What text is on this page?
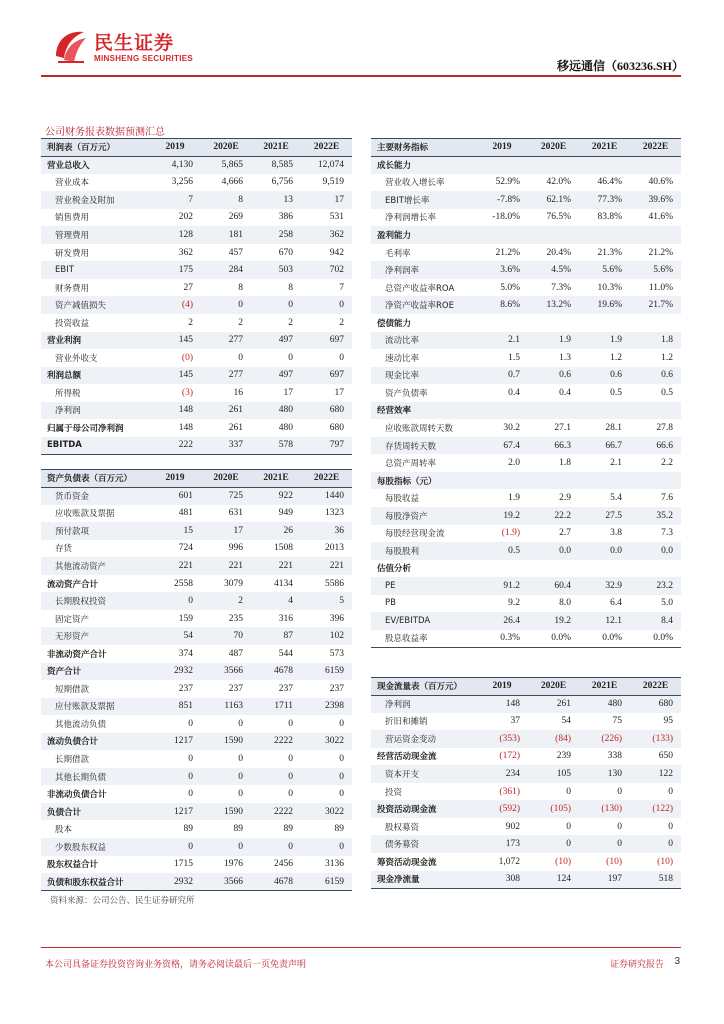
民生证券
MINSHENG SECURITIES
移远通信（603236.SH）
公司财务报表数据预测汇总
利润表（百万元）	2019	2020E	2021E	2022E
营业总收入	4,130	5,865	8,585	12,074
营业成本	3,256	4,666	6,756	9,519
营业税金及附加	7	8	13	17
销售费用	202	269	386	531
管理费用	128	181	258	362
研发费用	362	457	670	942
EBIT	175	284	503	702
财务费用	27	8	8	7
资产减值损失	(4)	0	0	0
投资收益	2	2	2	2
营业利润	145	277	497	697
营业外收支	(0)	0	0	0
利润总额	145	277	497	697
所得税	(3)	16	17	17
净利润	148	261	480	680
归属于母公司净利润	148	261	480	680
EBITDA	222	337	578	797
资产负债表（百万元）	2019	2020E	2021E	2022E
货币资金	601	725	922	1440
应收账款及票据	481	631	949	1323
预付款项	15	17	26	36
存货	724	996	1508	2013
其他流动资产	221	221	221	221
流动资产合计	2558	3079	4134	5586
长期股权投资	0	2	4	5
固定资产	159	235	316	396
无形资产	54	70	87	102
非流动资产合计	374	487	544	573
资产合计	2932	3566	4678	6159
短期借款	237	237	237	237
应付账款及票据	851	1163	1711	2398
其他流动负债	0	0	0	0
流动负债合计	1217	1590	2222	3022
长期借款	0	0	0	0
其他长期负债	0	0	0	0
非流动负债合计	0	0	0	0
负债合计	1217	1590	2222	3022
股本	89	89	89	89
少数股东权益	0	0	0	0
股东权益合计	1715	1976	2456	3136
负债和股东权益合计	2932	3566	4678	6159
主要财务指标	2019	2020E	2021E	2022E
成长能力				
营业收入增长率	52.9%	42.0%	46.4%	40.6%
EBIT增长率	-7.8%	62.1%	77.3%	39.6%
净利润增长率	-18.0%	76.5%	83.8%	41.6%
盈利能力				
毛利率	21.2%	20.4%	21.3%	21.2%
净利润率	3.6%	4.5%	5.6%	5.6%
总资产收益率ROA	5.0%	7.3%	10.3%	11.0%
净资产收益率ROE	8.6%	13.2%	19.6%	21.7%
偿债能力				
流动比率	2.1	1.9	1.9	1.8
速动比率	1.5	1.3	1.2	1.2
现金比率	0.7	0.6	0.6	0.6
资产负债率	0.4	0.4	0.5	0.5
经营效率				
应收账款周转天数	30.2	27.1	28.1	27.8
存货周转天数	67.4	66.3	66.7	66.6
总资产周转率	2.0	1.8	2.1	2.2
每股指标（元）				
每股收益	1.9	2.9	5.4	7.6
每股净资产	19.2	22.2	27.5	35.2
每股经营现金流	(1.9)	2.7	3.8	7.3
每股股利	0.5	0.0	0.0	0.0
估值分析				
PE	91.2	60.4	32.9	23.2
PB	9.2	8.0	6.4	5.0
EV/EBITDA	26.4	19.2	12.1	8.4
股息收益率	0.3%	0.0%	0.0%	0.0%
现金流量表（百万元）	2019	2020E	2021E	2022E
净利润	148	261	480	680
折旧和摊销	37	54	75	95
营运资金变动	(353)	(84)	(226)	(133)
经营活动现金流	(172)	239	338	650
资本开支	234	105	130	122
投资	(361)	0	0	0
投资活动现金流	(592)	(105)	(130)	(122)
股权募资	902	0	0	0
债务募资	173	0	0	0
筹资活动现金流	1,072	(10)	(10)	(10)
现金净流量	308	124	197	518
资料来源：公司公告、民生证券研究所
本公司具备证券投资咨询业务资格，请务必阅读最后一页免责声明	证券研究报告 3
